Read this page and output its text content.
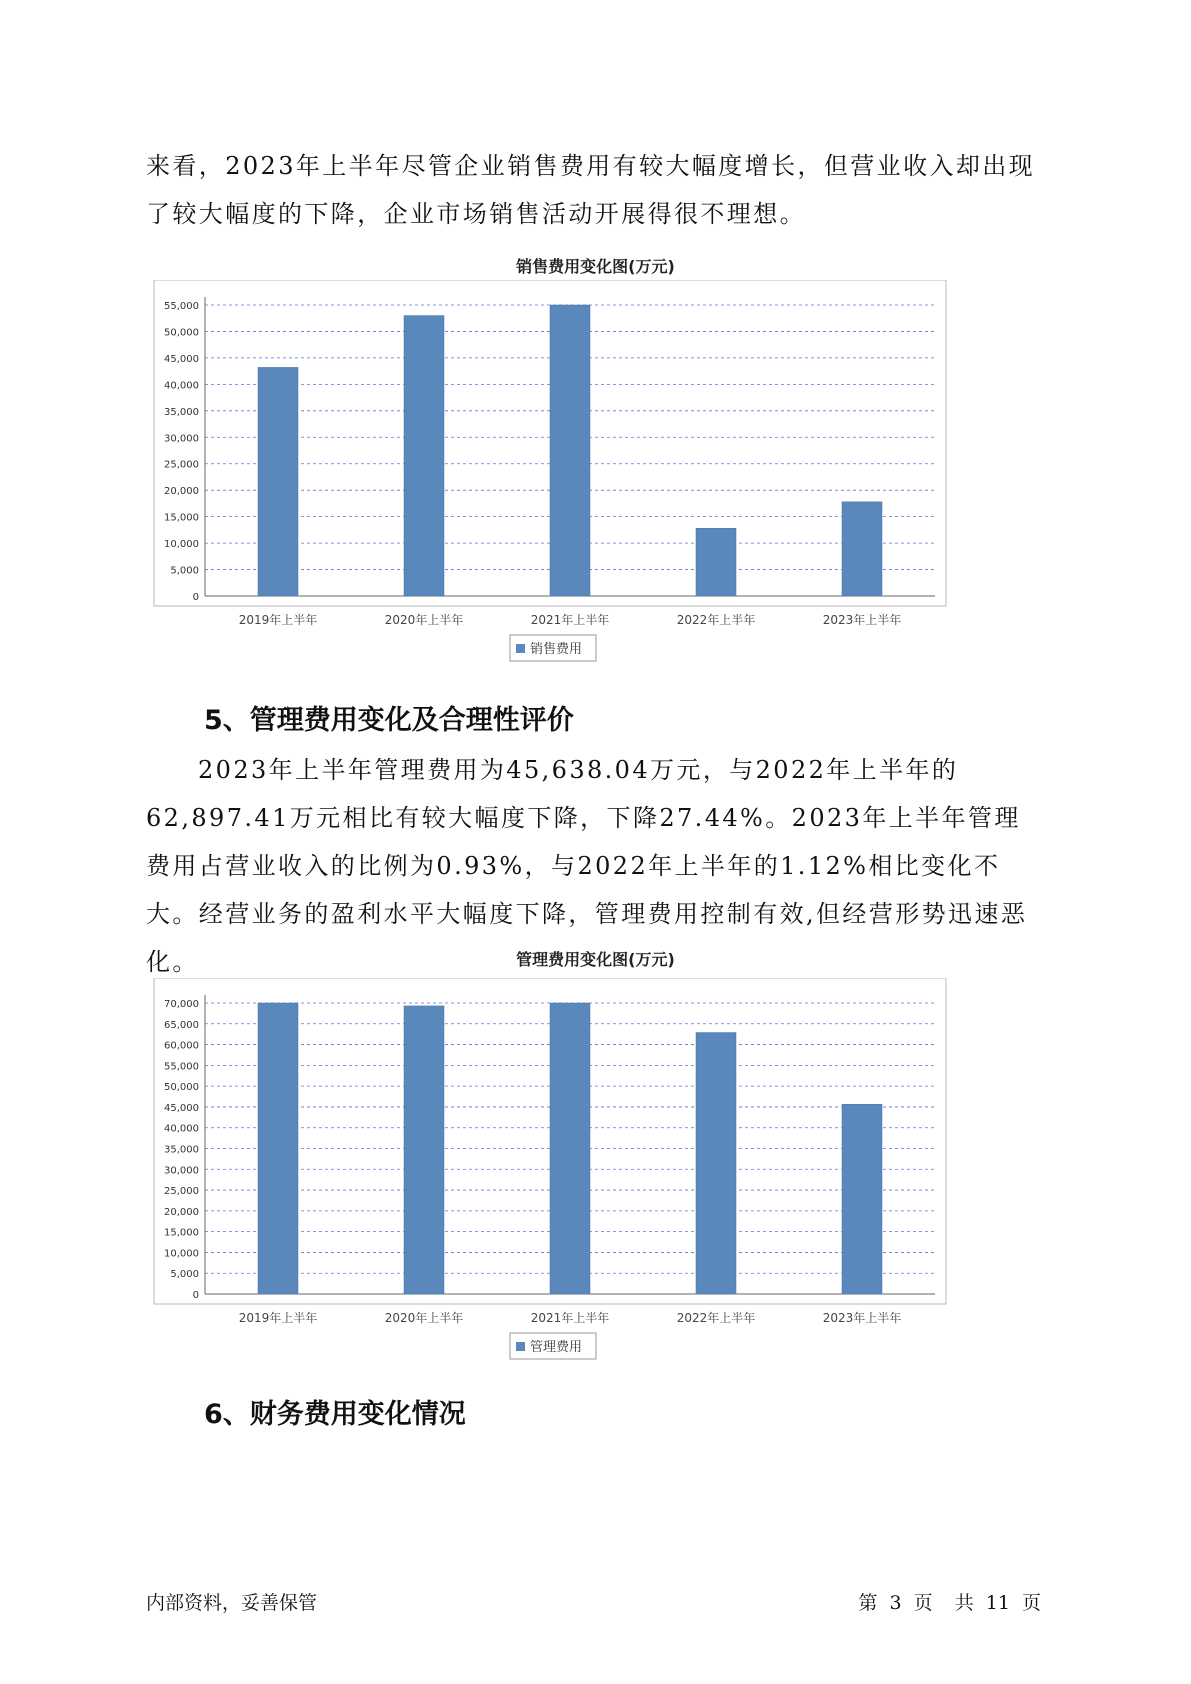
来看，2023年上半年尽管企业销售费用有较大幅度增长，但营业收入却出现了较大幅度的下降，企业市场销售活动开展得很不理想。

销售费用变化图(万元)

0
5,000
10,000
15,000
20,000
25,000
30,000
35,000
40,000
45,000
50,000
55,000
2019年上半年	2020年上半年	2021年上半年	2022年上半年	2023年上半年
销售费用
5、管理费用变化及合理性评价

2023年上半年管理费用为45,638.04万元，与2022年上半年的62,897.41万元相比有较大幅度下降，下降27.44%。2023年上半年管理费用占营业收入的比例为0.93%，与2022年上半年的1.12%相比变化不大。经营业务的盈利水平大幅度下降，管理费用控制有效,但经营形势迅速恶化。	管理费用变化图(万元)

0
5,000
10,000
15,000
20,000
25,000
30,000
35,000
40,000
45,000
50,000
55,000
60,000
65,000
70,000
2019年上半年	2020年上半年	2021年上半年	2022年上半年	2023年上半年
管理费用
6、财务费用变化情况
内部资料，妥善保管	第 3 页 共 11 页
